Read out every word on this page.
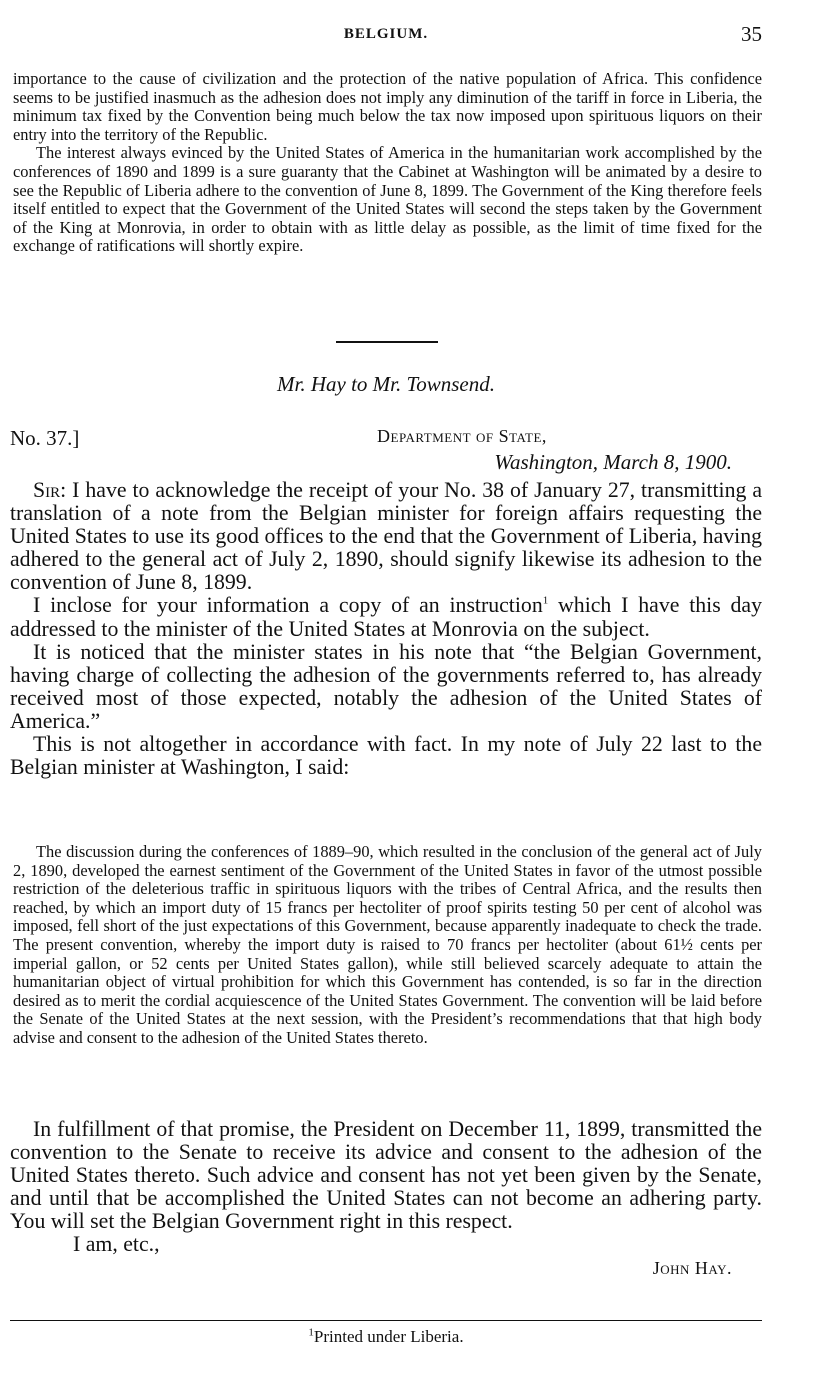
BELGIUM.	35

importance to the cause of civilization and the protection of the native population of Africa. This confidence seems to be justified inasmuch as the adhesion does not imply any diminution of the tariff in force in Liberia, the minimum tax fixed by the Convention being much below the tax now imposed upon spirituous liquors on their entry into the territory of the Republic.

The interest always evinced by the United States of America in the humanitarian work accomplished by the conferences of 1890 and 1899 is a sure guaranty that the Cabinet at Washington will be animated by a desire to see the Republic of Liberia adhere to the convention of June 8, 1899. The Government of the King therefore feels itself entitled to expect that the Government of the United States will second the steps taken by the Government of the King at Monrovia, in order to obtain with as little delay as possible, as the limit of time fixed for the exchange of ratifications will shortly expire.

Mr. Hay to Mr. Townsend.
No. 37.]	Department of State,
Washington, March 8, 1900.

Sir: I have to acknowledge the receipt of your No. 38 of January 27, transmitting a translation of a note from the Belgian minister for foreign affairs requesting the United States to use its good offices to the end that the Government of Liberia, having adhered to the general act of July 2, 1890, should signify likewise its adhesion to the convention of June 8, 1899.

I inclose for your information a copy of an instruction$^1$ which I have this day addressed to the minister of the United States at Monrovia on the subject.

It is noticed that the minister states in his note that “the Belgian Government, having charge of collecting the adhesion of the governments referred to, has already received most of those expected, notably the adhesion of the United States of America.”

This is not altogether in accordance with fact. In my note of July 22 last to the Belgian minister at Washington, I said:

The discussion during the conferences of 1889–90, which resulted in the conclusion of the general act of July 2, 1890, developed the earnest sentiment of the Government of the United States in favor of the utmost possible restriction of the deleterious traffic in spirituous liquors with the tribes of Central Africa, and the results then reached, by which an import duty of 15 francs per hectoliter of proof spirits testing 50 per cent of alcohol was imposed, fell short of the just expectations of this Government, because apparently inadequate to check the trade. The present convention, whereby the import duty is raised to 70 francs per hectoliter (about 61½ cents per imperial gallon, or 52 cents per United States gallon), while still believed scarcely adequate to attain the humanitarian object of virtual prohibition for which this Government has contended, is so far in the direction desired as to merit the cordial acquiescence of the United States Government. The convention will be laid before the Senate of the United States at the next session, with the President’s recommendations that that high body advise and consent to the adhesion of the United States thereto.

In fulfillment of that promise, the President on December 11, 1899, transmitted the convention to the Senate to receive its advice and consent to the adhesion of the United States thereto. Such advice and consent has not yet been given by the Senate, and until that be accomplished the United States can not become an adhering party. You will set the Belgian Government right in this respect.

I am, etc.,

John Hay.

$^1$Printed under Liberia.
